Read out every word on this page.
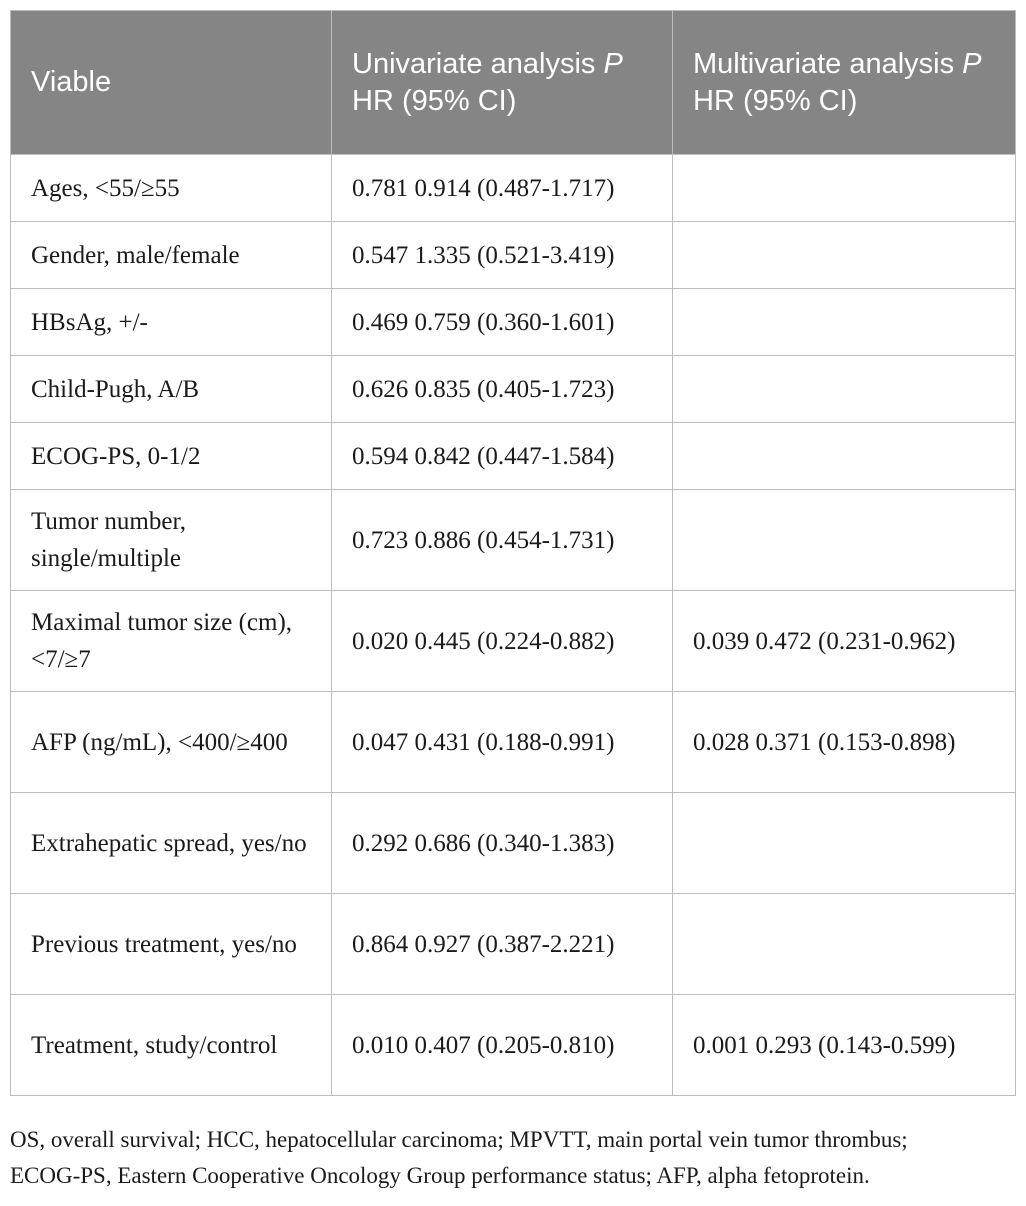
Viable	Univariate analysis P HR (95% CI)	Multivariate analysis P HR (95% CI)
Ages, <55/≥55	0.781 0.914 (0.487-1.717)	
Gender, male/female	0.547 1.335 (0.521-3.419)	
HBsAg, +/-	0.469 0.759 (0.360-1.601)	
Child-Pugh, A/B	0.626 0.835 (0.405-1.723)	
ECOG-PS, 0-1/2	0.594 0.842 (0.447-1.584)	
Tumor number, single/multiple	0.723 0.886 (0.454-1.731)	
Maximal tumor size (cm), <7/≥7	0.020 0.445 (0.224-0.882)	0.039 0.472 (0.231-0.962)
AFP (ng/mL), <400/≥400	0.047 0.431 (0.188-0.991)	0.028 0.371 (0.153-0.898)
Extrahepatic spread, yes/no	0.292 0.686 (0.340-1.383)	
Previous treatment, yes/no	0.864 0.927 (0.387-2.221)	
Treatment, study/control	0.010 0.407 (0.205-0.810)	0.001 0.293 (0.143-0.599)
OS, overall survival; HCC, hepatocellular carcinoma; MPVTT, main portal vein tumor thrombus;
ECOG-PS, Eastern Cooperative Oncology Group performance status; AFP, alpha fetoprotein.
